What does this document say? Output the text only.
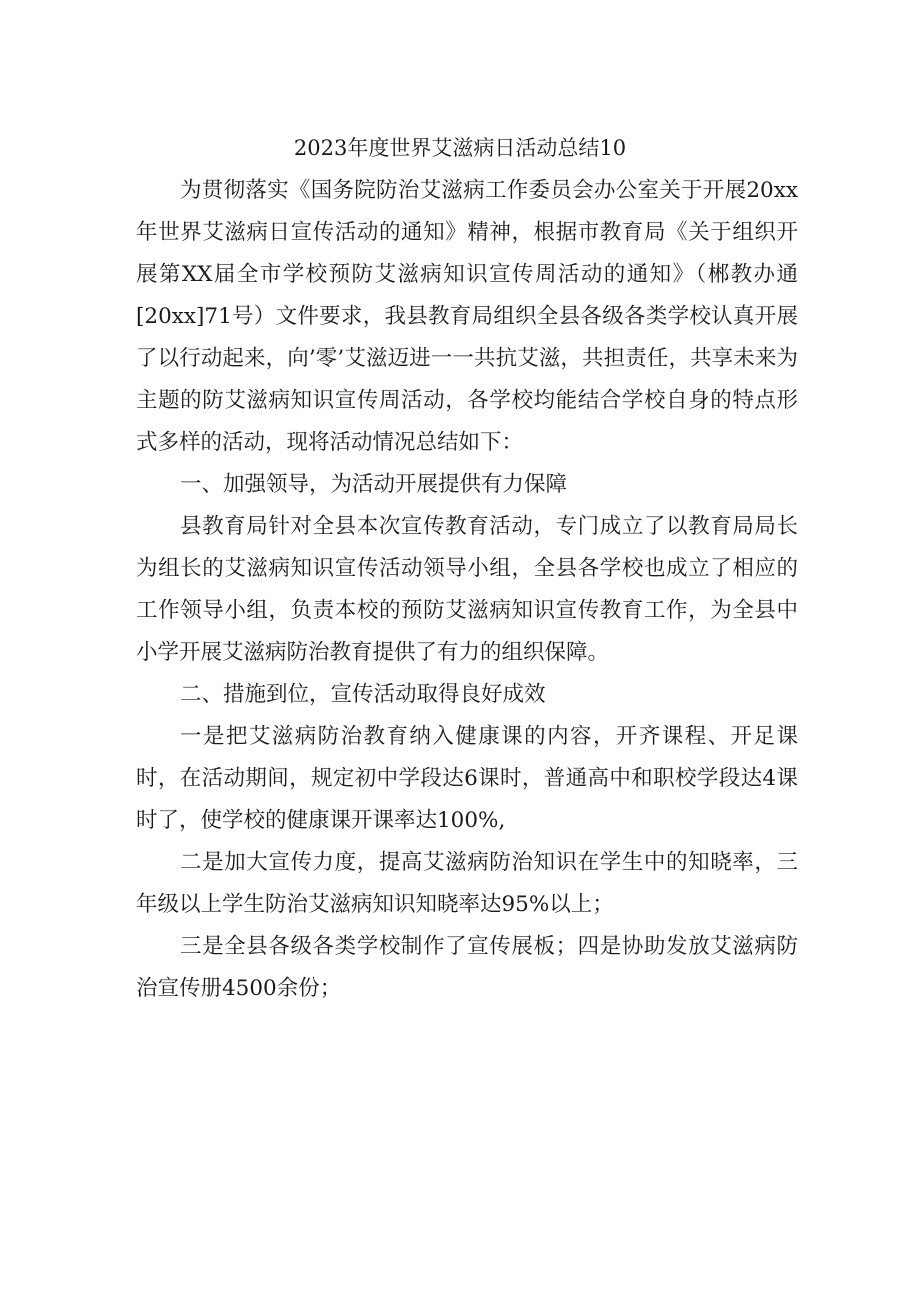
2023年度世界艾滋病日活动总结10

为贯彻落实《国务院防治艾滋病工作委员会办公室关于开展20xx年世界艾滋病日宣传活动的通知》精神，根据市教育局《关于组织开展第XX届全市学校预防艾滋病知识宣传周活动的通知》（郴教办通[20xx]71号）文件要求，我县教育局组织全县各级各类学校认真开展了以行动起来，向’零’艾滋迈进一一共抗艾滋，共担责任，共享未来为主题的防艾滋病知识宣传周活动，各学校均能结合学校自身的特点形式多样的活动，现将活动情况总结如下：

一、加强领导，为活动开展提供有力保障

县教育局针对全县本次宣传教育活动，专门成立了以教育局局长为组长的艾滋病知识宣传活动领导小组，全县各学校也成立了相应的工作领导小组，负责本校的预防艾滋病知识宣传教育工作，为全县中小学开展艾滋病防治教育提供了有力的组织保障。

二、措施到位，宣传活动取得良好成效

一是把艾滋病防治教育纳入健康课的内容，开齐课程、开足课时，在活动期间，规定初中学段达6课时，普通高中和职校学段达4课时了，使学校的健康课开课率达100%,

二是加大宣传力度，提高艾滋病防治知识在学生中的知晓率，三年级以上学生防治艾滋病知识知晓率达95%以上；

三是全县各级各类学校制作了宣传展板；四是协助发放艾滋病防治宣传册4500余份；
